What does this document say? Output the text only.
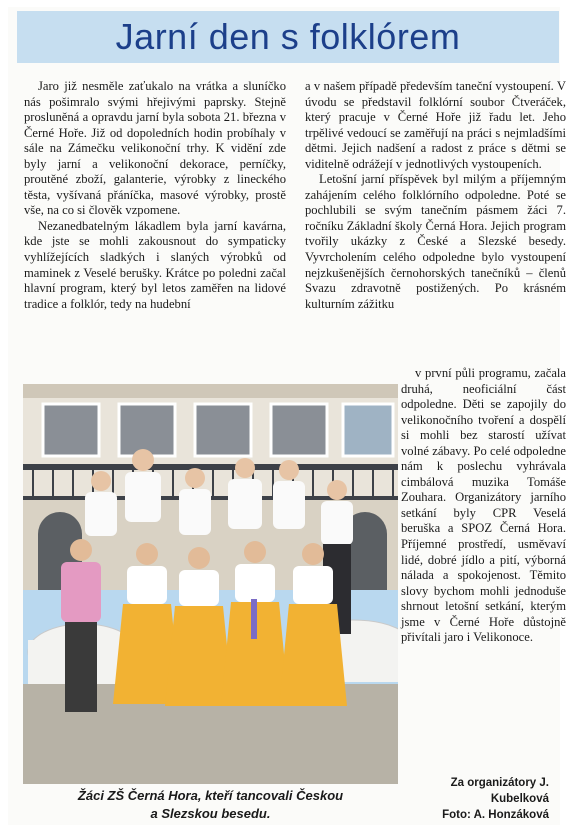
Jarní den s folklórem

Jaro již nesměle zaťukalo na vrátka a sluníčko nás pošimralo svými hřejivými paprsky. Stejně prosluněná a opravdu jarní byla sobota 21. března v Černé Hoře. Již od dopoledních hodin probíhaly v sále na Zámečku velikonoční trhy. K vidění zde byly jarní a velikonoční dekorace, perníčky, proutěné zboží, galanterie, výrobky z lineckého těsta, vyšívaná přáníčka, masové výrobky, prostě vše, na co si člověk vzpomene.

Nezanedbatelným lákadlem byla jarní kavárna, kde jste se mohli zakousnout do sympaticky vyhlížejících sladkých i slaných výrobků od maminek z Veselé berušky. Krátce po poledni začal hlavní program, který byl letos zaměřen na lidové tradice a folklór, tedy na hudební

a v našem případě především taneční vystoupení. V úvodu se představil folklórní soubor Čtveráček, který pracuje v Černé Hoře již řadu let. Jeho trpělivé vedoucí se zaměřují na práci s nejmladšími dětmi. Jejich nadšení a radost z práce s dětmi se viditelně odrážejí v jednotlivých vystoupeních.

Letošní jarní příspěvek byl milým a příjemným zahájením celého folklórního odpoledne. Poté se pochlubili se svým tanečním pásmem žáci 7. ročníku Základní školy Černá Hora. Jejich program tvořily ukázky z České a Slezské besedy. Vyvrcholením celého odpoledne bylo vystoupení nejzkušenějších černohorských tanečníků – členů Svazu zdravotně postižených. Po krásném kulturním zážitku

v první půli programu, začala druhá, neoficiální část odpoledne. Děti se zapojily do velikonočního tvoření a dospělí si mohli bez starostí užívat volné zábavy. Po celé odpoledne nám k poslechu vyhrávala cimbálová muzika Tomáše Zouhara. Organizátory jarního setkání byly CPR Veselá beruška a SPOZ Černá Hora. Příjemné prostředí, usměvaví lidé, dobré jídlo a pití, výborná nálada a spokojenost. Těmito slovy bychom mohli jednoduše shrnout letošní setkání, kterým jsme v Černé Hoře důstojně přivítali jaro i Velikonoce.

Žáci ZŠ Černá Hora, kteří tancovali Českou
a Slezskou besedu.
Za organizátory J.
Kubelková
Foto: A. Honzáková
